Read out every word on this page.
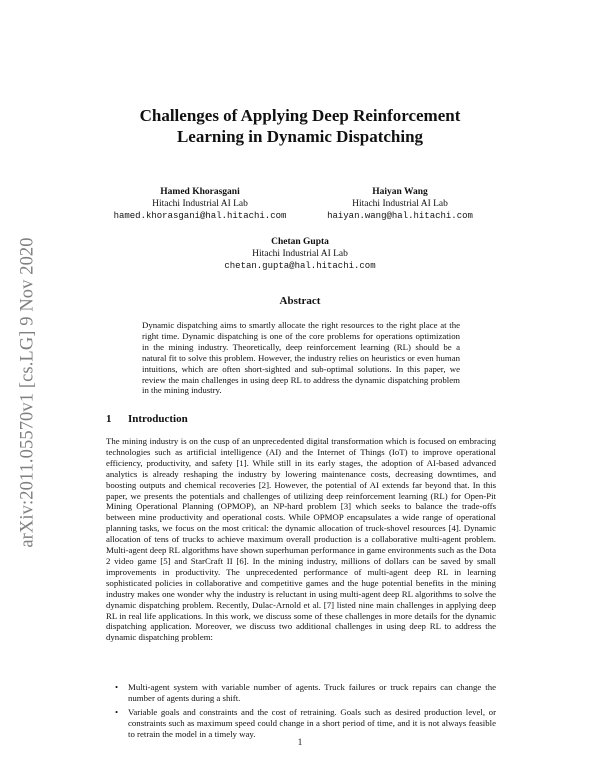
arXiv:2011.05570v1 [cs.LG] 9 Nov 2020
Challenges of Applying Deep Reinforcement
Learning in Dynamic Dispatching
Hamed Khorasgani
Hitachi Industrial AI Lab
hamed.khorasgani@hal.hitachi.com
Haiyan Wang
Hitachi Industrial AI Lab
haiyan.wang@hal.hitachi.com
Chetan Gupta
Hitachi Industrial AI Lab
chetan.gupta@hal.hitachi.com
Abstract

Dynamic dispatching aims to smartly allocate the right resources to the right place at the right time. Dynamic dispatching is one of the core problems for operations optimization in the mining industry. Theoretically, deep reinforcement learning (RL) should be a natural fit to solve this problem. However, the industry relies on heuristics or even human intuitions, which are often short-sighted and sub-optimal solutions. In this paper, we review the main challenges in using deep RL to address the dynamic dispatching problem in the mining industry.

1 Introduction

The mining industry is on the cusp of an unprecedented digital transformation which is focused on embracing technologies such as artificial intelligence (AI) and the Internet of Things (IoT) to improve operational efficiency, productivity, and safety [1]. While still in its early stages, the adoption of AI-based advanced analytics is already reshaping the industry by lowering maintenance costs, decreasing downtimes, and boosting outputs and chemical recoveries [2]. However, the potential of AI extends far beyond that. In this paper, we presents the potentials and challenges of utilizing deep reinforcement learning (RL) for Open-Pit Mining Operational Planning (OPMOP), an NP-hard problem [3] which seeks to balance the trade-offs between mine productivity and operational costs. While OPMOP encapsulates a wide range of operational planning tasks, we focus on the most critical: the dynamic allocation of truck-shovel resources [4]. Dynamic allocation of tens of trucks to achieve maximum overall production is a collaborative multi-agent problem. Multi-agent deep RL algorithms have shown superhuman performance in game environments such as the Dota 2 video game [5] and StarCraft II [6]. In the mining industry, millions of dollars can be saved by small improvements in productivity. The unprecedented performance of multi-agent deep RL in learning sophisticated policies in collaborative and competitive games and the huge potential benefits in the mining industry makes one wonder why the industry is reluctant in using multi-agent deep RL algorithms to solve the dynamic dispatching problem. Recently, Dulac-Arnold et al. [7] listed nine main challenges in applying deep RL in real life applications. In this work, we discuss some of these challenges in more details for the dynamic dispatching application. Moreover, we discuss two additional challenges in using deep RL to address the dynamic dispatching problem:

• Multi-agent system with variable number of agents. Truck failures or truck repairs can change the number of agents during a shift.
• Variable goals and constraints and the cost of retraining. Goals such as desired production level, or constraints such as maximum speed could change in a short period of time, and it is not always feasible to retrain the model in a timely way.
1
